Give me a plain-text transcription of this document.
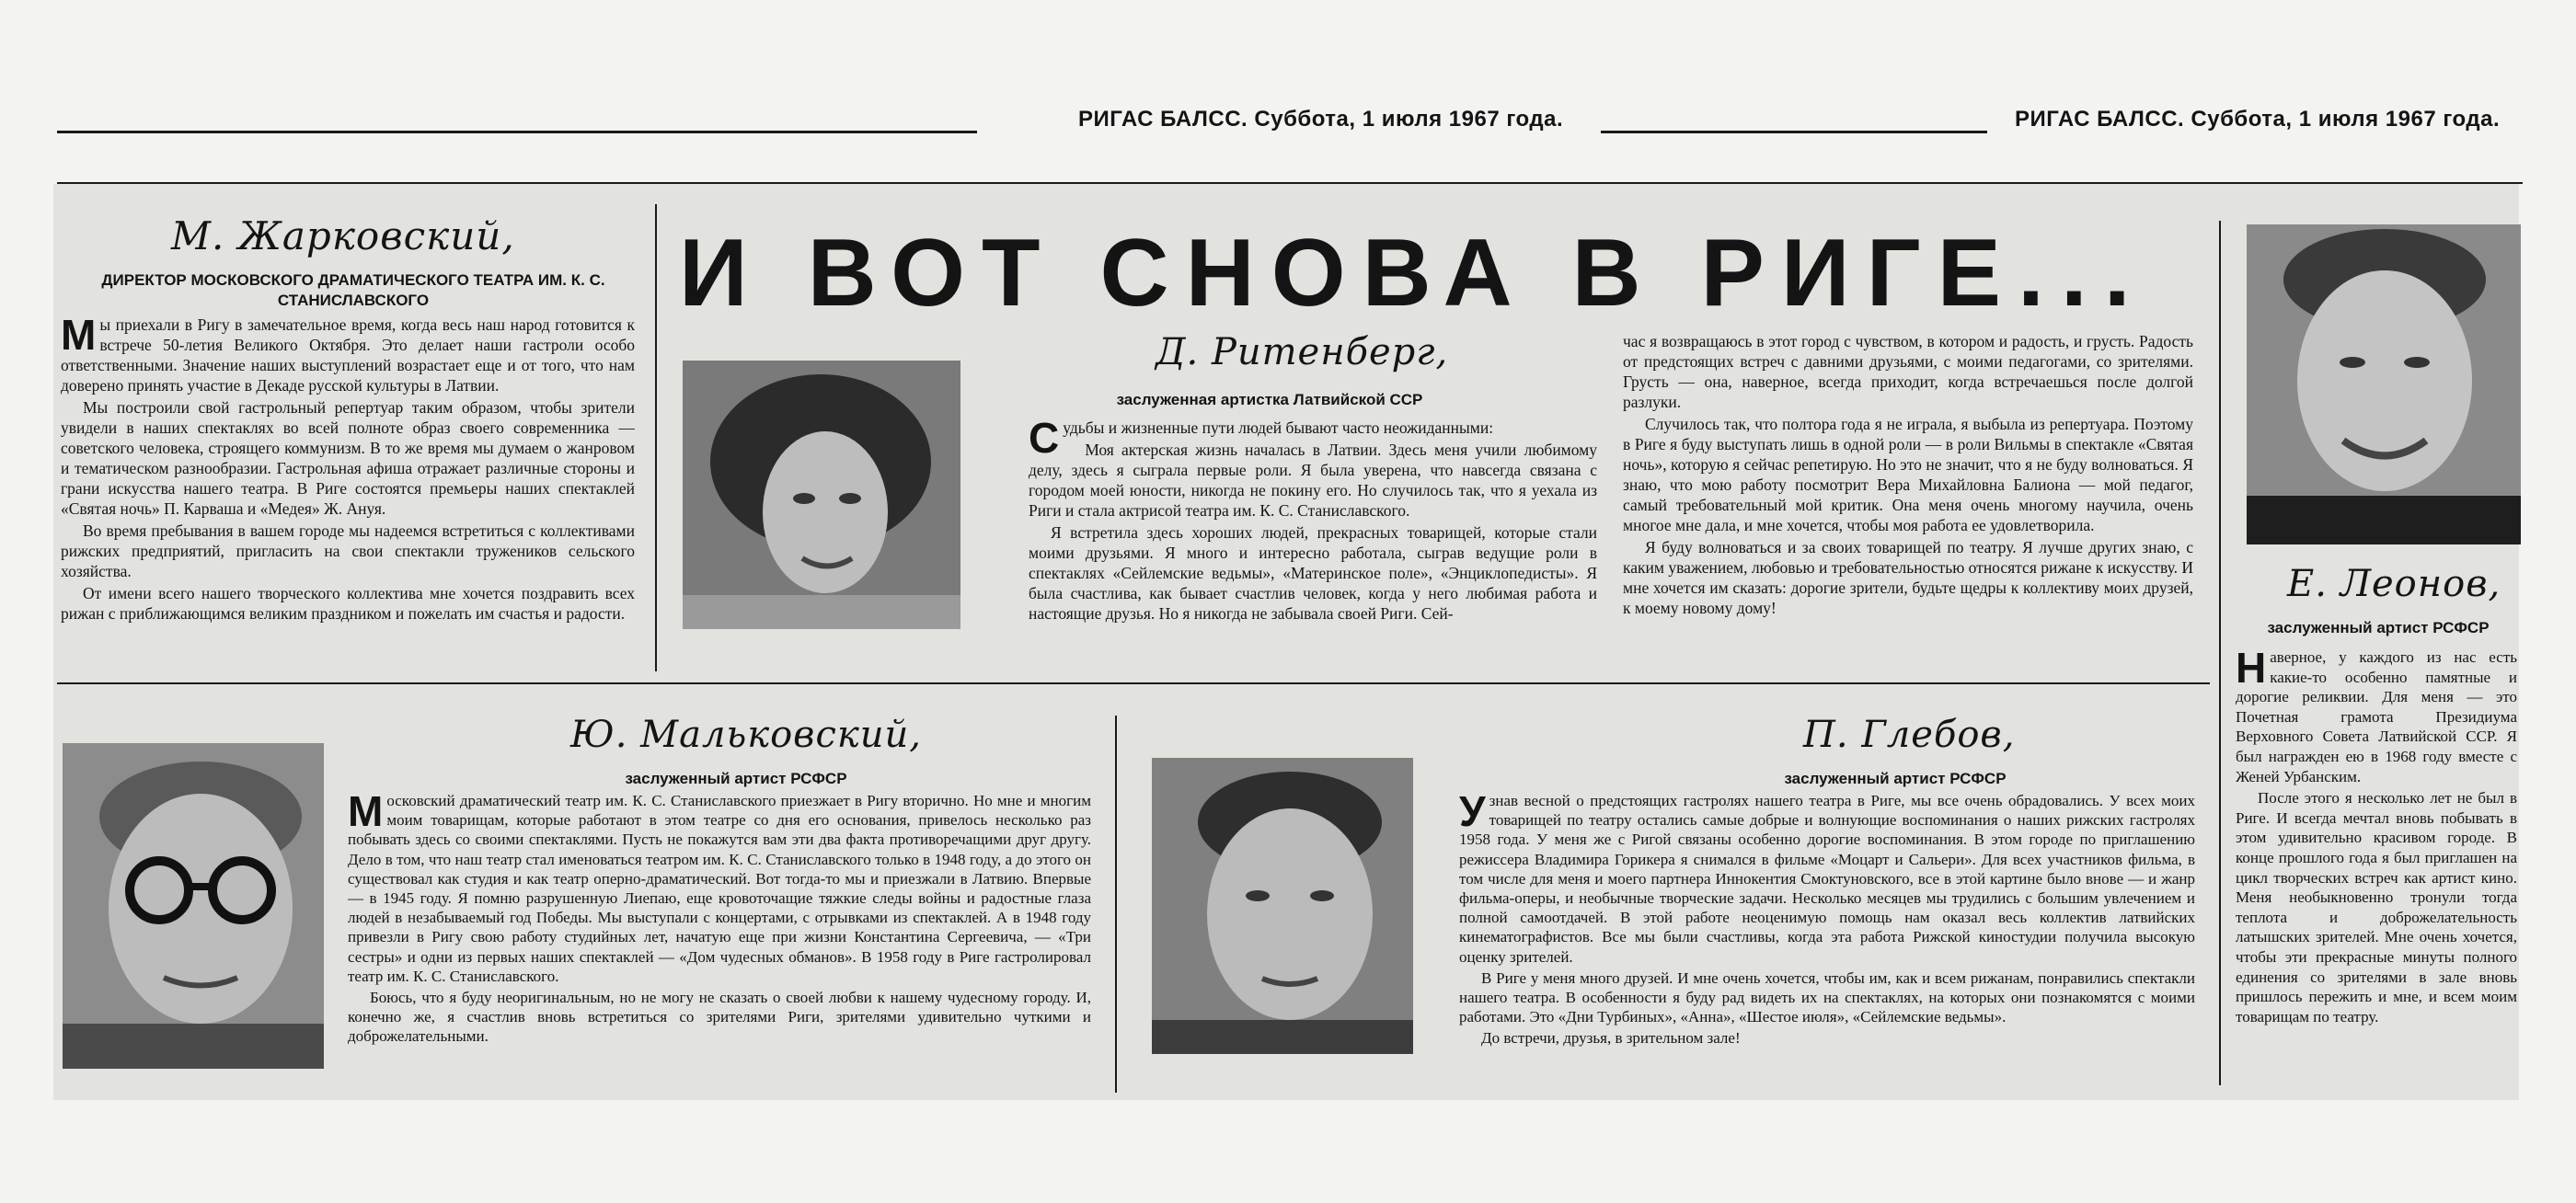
РИГАС БАЛСС. Суббота, 1 июля 1967 года.	РИГАС БАЛСС. Суббота, 1 июля 1967 года.
М. Жарковский,
ДИРЕКТОР МОСКОВСКОГО ДРАМАТИЧЕСКОГО ТЕАТРА ИМ. К. С. СТАНИСЛАВСКОГО

Мы приехали в Ригу в замечательное время, когда весь наш народ готовится к встрече 50-летия Великого Октября. Это делает наши гастроли особо ответственными. Значение наших выступлений возрастает еще и от того, что нам доверено принять участие в Декаде русской культуры в Латвии.

Мы построили свой гастрольный репертуар таким образом, чтобы зрители увидели в наших спектаклях во всей полноте образ своего современника — советского человека, строящего коммунизм. В то же время мы думаем о жанровом и тематическом разнообразии. Гастрольная афиша отражает различные стороны и грани искусства нашего театра. В Риге состоятся премьеры наших спектаклей «Святая ночь» П. Карваша и «Медея» Ж. Ануя.

Во время пребывания в вашем городе мы надеемся встретиться с коллективами рижских предприятий, пригласить на свои спектакли тружеников сельского хозяйства.

От имени всего нашего творческого коллектива мне хочется поздравить всех рижан с приближающимся великим праздником и пожелать им счастья и радости.

И ВОТ СНОВА В РИГЕ...
Д. Ритенберг,
заслуженная артистка Латвийской ССР

Судьбы и жизненные пути людей бывают часто неожиданными:

Моя актерская жизнь началась в Латвии. Здесь меня учили любимому делу, здесь я сыграла первые роли. Я была уверена, что навсегда связана с городом моей юности, никогда не покину его. Но случилось так, что я уехала из Риги и стала актрисой театра им. К. С. Станиславского.

Я встретила здесь хороших людей, прекрасных товарищей, которые стали моими друзьями. Я много и интересно работала, сыграв ведущие роли в спектаклях «Сейлемские ведьмы», «Материнское поле», «Энциклопедисты». Я была счастлива, как бывает счастлив человек, когда у него любимая работа и настоящие друзья. Но я никогда не забывала своей Риги. Сей-

час я возвращаюсь в этот город с чувством, в котором и радость, и грусть. Радость от предстоящих встреч с давними друзьями, с моими педагогами, со зрителями. Грусть — она, наверное, всегда приходит, когда встречаешься после долгой разлуки.

Случилось так, что полтора года я не играла, я выбыла из репертуара. Поэтому в Риге я буду выступать лишь в одной роли — в роли Вильмы в спектакле «Святая ночь», которую я сейчас репетирую. Но это не значит, что я не буду волноваться. Я знаю, что мою работу посмотрит Вера Михайловна Балиона — мой педагог, самый требовательный мой критик. Она меня очень многому научила, очень многое мне дала, и мне хочется, чтобы моя работа ее удовлетворила.

Я буду волноваться и за своих товарищей по театру. Я лучше других знаю, с каким уважением, любовью и требовательностью относятся рижане к искусству. И мне хочется им сказать: дорогие зрители, будьте щедры к коллективу моих друзей, к моему новому дому!

Е. Леонов,
заслуженный артист РСФСР

Наверное, у каждого из нас есть какие-то особенно памятные и дорогие реликвии. Для меня — это Почетная грамота Президиума Верховного Совета Латвийской ССР. Я был награжден ею в 1968 году вместе с Женей Урбанским.

После этого я несколько лет не был в Риге. И всегда мечтал вновь побывать в этом удивительно красивом городе. В конце прошлого года я был приглашен на цикл творческих встреч как артист кино. Меня необыкновенно тронули тогда теплота и доброжелательность латышских зрителей. Мне очень хочется, чтобы эти прекрасные минуты полного единения со зрителями в зале вновь пришлось пережить и мне, и всем моим товарищам по театру.

Ю. Мальковский,
заслуженный артист РСФСР

Московский драматический театр им. К. С. Станиславского приезжает в Ригу вторично. Но мне и многим моим товарищам, которые работают в этом театре со дня его основания, привелось несколько раз побывать здесь со своими спектаклями. Пусть не покажутся вам эти два факта противоречащими друг другу. Дело в том, что наш театр стал именоваться театром им. К. С. Станиславского только в 1948 году, а до этого он существовал как студия и как театр оперно-драматический. Вот тогда-то мы и приезжали в Латвию. Впервые — в 1945 году. Я помню разрушенную Лиепаю, еще кровоточащие тяжкие следы войны и радостные глаза людей в незабываемый год Победы. Мы выступали с концертами, с отрывками из спектаклей. А в 1948 году привезли в Ригу свою работу студийных лет, начатую еще при жизни Константина Сергеевича, — «Три сестры» и одни из первых наших спектаклей — «Дом чудесных обманов». В 1958 году в Риге гастролировал театр им. К. С. Станиславского.

Боюсь, что я буду неоригинальным, но не могу не сказать о своей любви к нашему чудесному городу. И, конечно же, я счастлив вновь встретиться со зрителями Риги, зрителями удивительно чуткими и доброжелательными.

П. Глебов,
заслуженный артист РСФСР

Узнав весной о предстоящих гастролях нашего театра в Риге, мы все очень обрадовались. У всех моих товарищей по театру остались самые добрые и волнующие воспоминания о наших рижских гастролях 1958 года. У меня же с Ригой связаны особенно дорогие воспоминания. В этом городе по приглашению режиссера Владимира Горикера я снимался в фильме «Моцарт и Сальери». Для всех участников фильма, в том числе для меня и моего партнера Иннокентия Смоктуновского, все в этой картине было внове — и жанр фильма-оперы, и необычные творческие задачи. Несколько месяцев мы трудились с большим увлечением и полной самоотдачей. В этой работе неоценимую помощь нам оказал весь коллектив латвийских кинематографистов. Все мы были счастливы, когда эта работа Рижской киностудии получила высокую оценку зрителей.

В Риге у меня много друзей. И мне очень хочется, чтобы им, как и всем рижанам, понравились спектакли нашего театра. В особенности я буду рад видеть их на спектаклях, на которых они познакомятся с моими работами. Это «Дни Турбиных», «Анна», «Шестое июля», «Сейлемские ведьмы».

До встречи, друзья, в зрительном зале!
